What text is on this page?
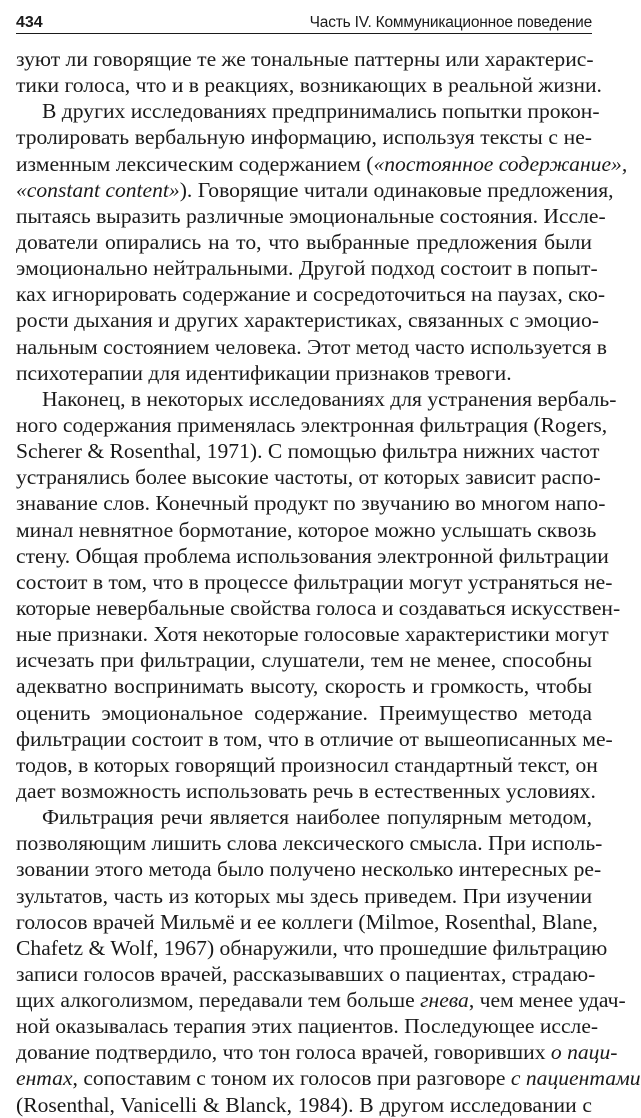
434	Часть IV. Коммуникационное поведение
зуют ли говорящие те же тональные паттерны или характерис-
тики голоса, что и в реакциях, возникающих в реальной жизни.
В других исследованиях предпринимались попытки прокон-
тролировать вербальную информацию, используя тексты с не-
изменным лексическим содержанием («постоянное содержание»,
«constant content»). Говорящие читали одинаковые предложения,
пытаясь выразить различные эмоциональные состояния. Иссле-
дователи опирались на то, что выбранные предложения были
эмоционально нейтральными. Другой подход состоит в попыт-
ках игнорировать содержание и сосредоточиться на паузах, ско-
рости дыхания и других характеристиках, связанных с эмоцио-
нальным состоянием человека. Этот метод часто используется в
психотерапии для идентификации признаков тревоги.
Наконец, в некоторых исследованиях для устранения вербаль-
ного содержания применялась электронная фильтрация (Rogers,
Scherer & Rosenthal, 1971). С помощью фильтра нижних частот
устранялись более высокие частоты, от которых зависит распо-
знавание слов. Конечный продукт по звучанию во многом напо-
минал невнятное бормотание, которое можно услышать сквозь
стену. Общая проблема использования электронной фильтрации
состоит в том, что в процессе фильтрации могут устраняться не-
которые невербальные свойства голоса и создаваться искусствен-
ные признаки. Хотя некоторые голосовые характеристики могут
исчезать при фильтрации, слушатели, тем не менее, способны
адекватно воспринимать высоту, скорость и громкость, чтобы
оценить эмоциональное содержание. Преимущество метода
фильтрации состоит в том, что в отличие от вышеописанных ме-
тодов, в которых говорящий произносил стандартный текст, он
дает возможность использовать речь в естественных условиях.
Фильтрация речи является наиболее популярным методом,
позволяющим лишить слова лексического смысла. При исполь-
зовании этого метода было получено несколько интересных ре-
зультатов, часть из которых мы здесь приведем. При изучении
голосов врачей Мильмё и ее коллеги (Milmoe, Rosenthal, Blane,
Chafetz & Wolf, 1967) обнаружили, что прошедшие фильтрацию
записи голосов врачей, рассказывавших о пациентах, страдаю-
щих алкоголизмом, передавали тем больше гнева, чем менее удач-
ной оказывалась терапия этих пациентов. Последующее иссле-
дование подтвердило, что тон голоса врачей, говоривших о паци-
ентах, сопоставим с тоном их голосов при разговоре с пациентами
(Rosenthal, Vanicelli & Blanck, 1984). В другом исследовании с
